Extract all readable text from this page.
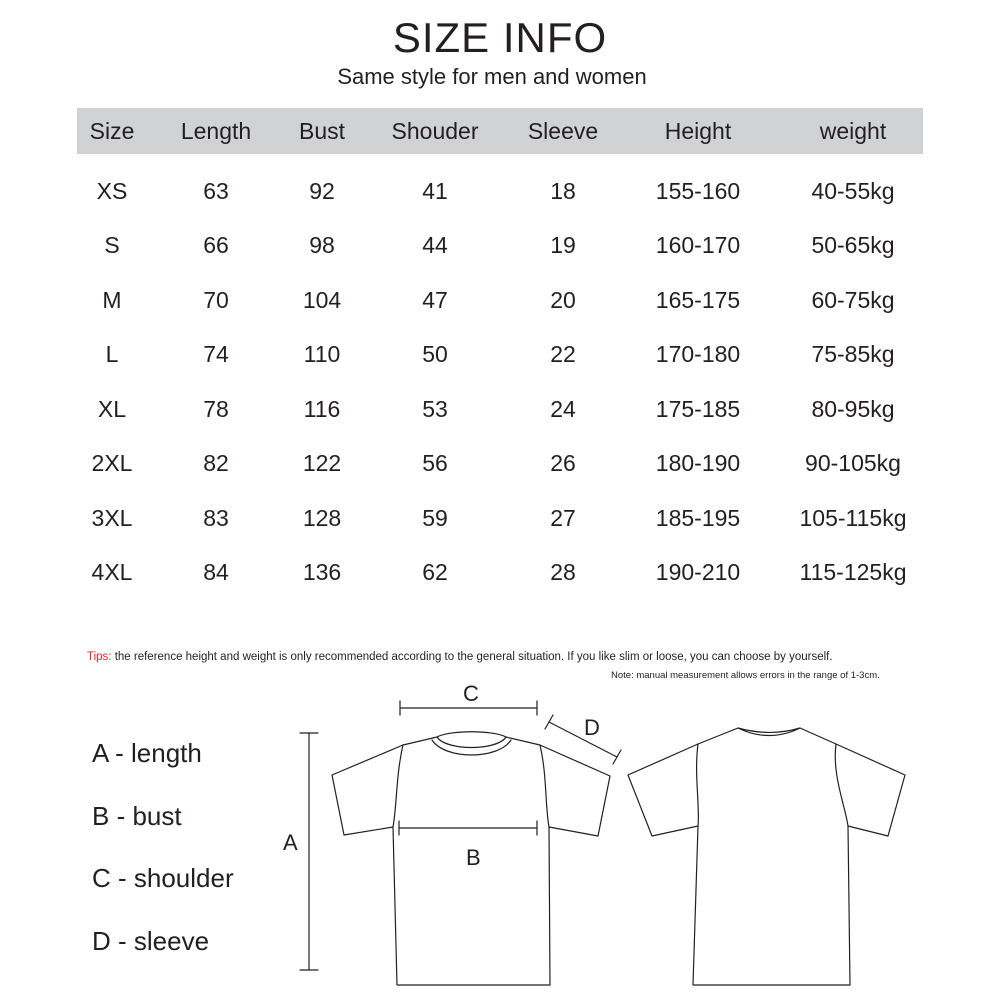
SIZE INFO
Same style for men and women
Size Length Bust Shouder Sleeve	Height	weight
XS	63	92	41	18	155-160	40-55kg
S	66	98	44	19	160-170	50-65kg
M	70	104	47	20	165-175	60-75kg
L	74	110	50	22	170-180	75-85kg
XL	78	116	53	24	175-185	80-95kg
2XL	82	122	56	26	180-190	90-105kg
3XL	83	128	59	27	185-195	105-115kg
4XL	84	136	62	28	190-210	115-125kg
Tips: the reference height and weight is only recommended according to the general situation. If you like slim or loose, you can choose by yourself.
Note: manual measurement allows errors in the range of 1-3cm.
A - length
B - bust
C - shoulder
D - sleeve
A
B
C
D
